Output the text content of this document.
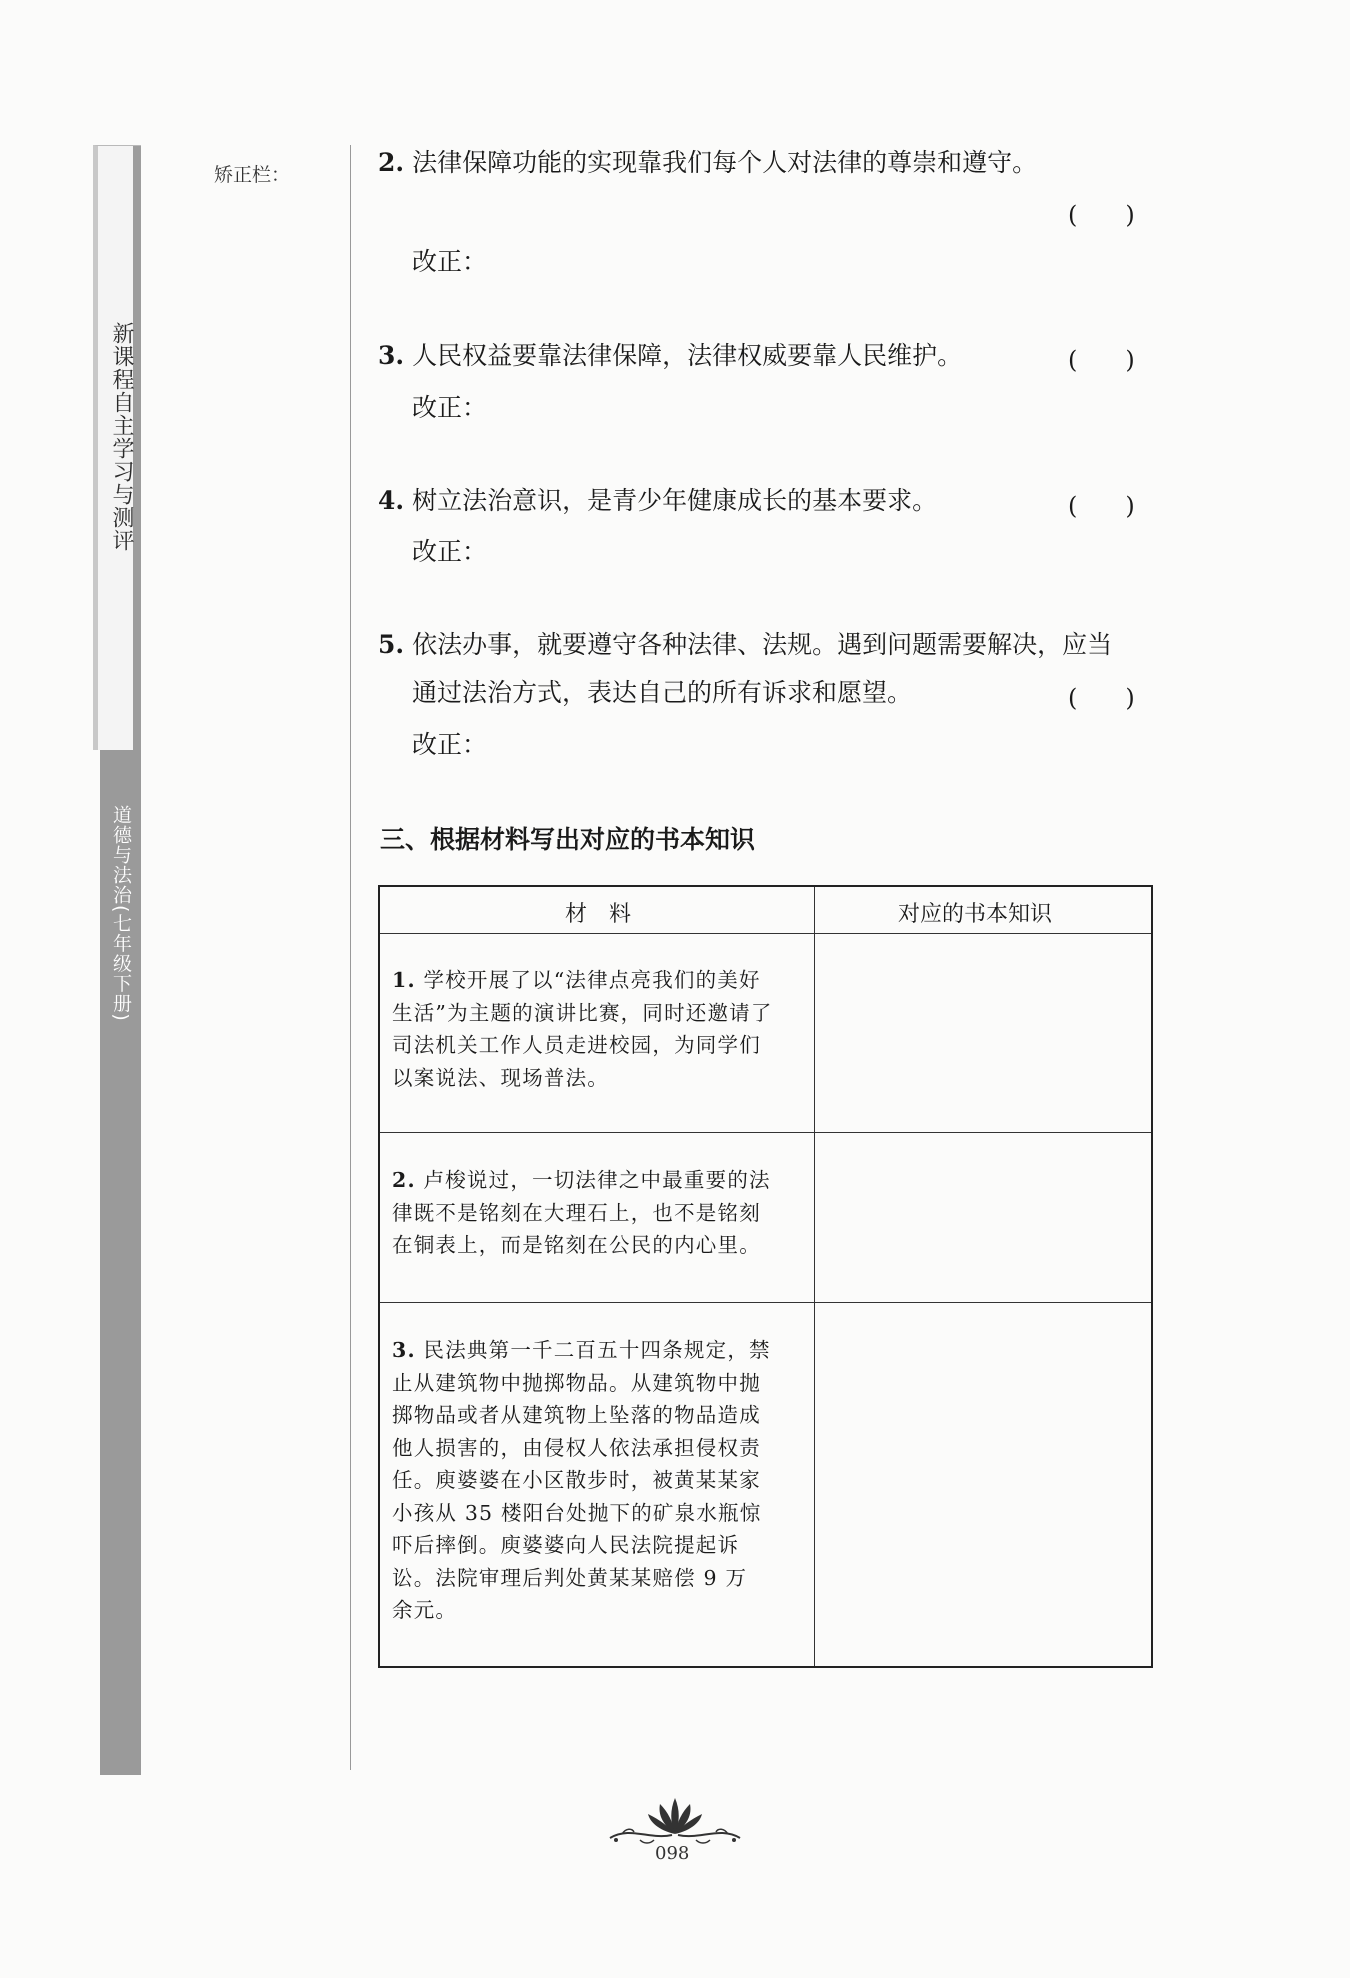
新课程自主学习与测评
道德与法治(七年级下册)
矫正栏：	2. 法律保障功能的实现靠我们每个人对法律的尊崇和遵守。
(　　)
改正：
3. 人民权益要靠法律保障，法律权威要靠人民维护。	(　　)
改正：
4. 树立法治意识，是青少年健康成长的基本要求。	(　　)
改正：
5. 依法办事，就要遵守各种法律、法规。遇到问题需要解决，应当
通过法治方式，表达自己的所有诉求和愿望。	(　　)
改正：
三、根据材料写出对应的书本知识
材　料	对应的书本知识
1. 学校开展了以“法律点亮我们的美好
生活”为主题的演讲比赛，同时还邀请了
司法机关工作人员走进校园，为同学们
以案说法、现场普法。
2. 卢梭说过，一切法律之中最重要的法
律既不是铭刻在大理石上，也不是铭刻
在铜表上，而是铭刻在公民的内心里。
3. 民法典第一千二百五十四条规定，禁
止从建筑物中抛掷物品。从建筑物中抛
掷物品或者从建筑物上坠落的物品造成
他人损害的，由侵权人依法承担侵权责
任。庾婆婆在小区散步时，被黄某某家
小孩从 35 楼阳台处抛下的矿泉水瓶惊
吓后摔倒。庾婆婆向人民法院提起诉
讼。法院审理后判处黄某某赔偿 9 万
余元。
098
